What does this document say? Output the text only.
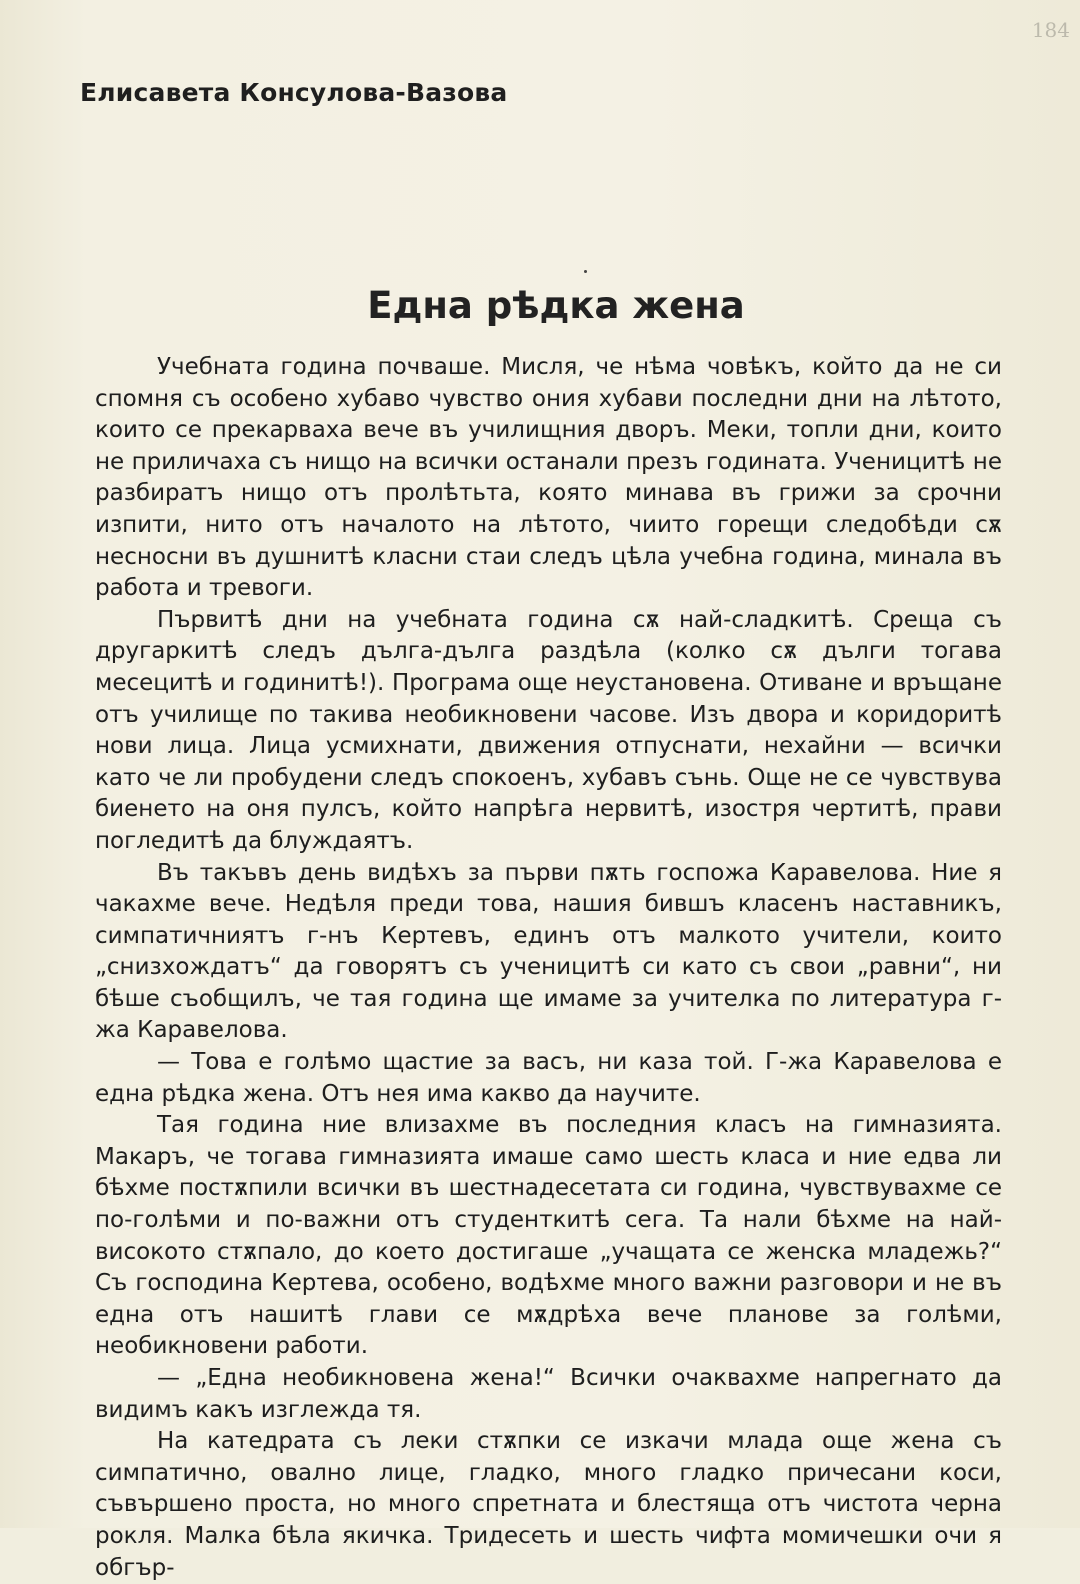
184
Елисавета Консулова-Вазова
Една рѣдка жена

Учебната година почваше. Мисля, че нѣма човѣкъ, който да не си спомня съ особено хубаво чувство ония хубави последни дни на лѣтото, които се прекарваха вече въ училищния дворъ. Меки, топли дни, които не приличаха съ нищо на всички останали презъ годината. Ученицитѣ не разбиратъ нищо отъ пролѣтьта, която минава въ грижи за срочни изпити, нито отъ началото на лѣтото, чиито горещи следобѣди сѫ несносни въ душнитѣ класни стаи следъ цѣла учебна година, минала въ работа и тревоги.

Първитѣ дни на учебната година сѫ най-сладкитѣ. Среща съ другаркитѣ следъ дълга-дълга раздѣла (колко сѫ дълги тогава месецитѣ и годинитѣ!). Програма още неустановена. Отиване и връщане отъ училище по такива необикновени часове. Изъ двора и коридоритѣ нови лица. Лица усмихнати, движения отпуснати, нехайни — всички като че ли пробудени следъ спокоенъ, хубавъ сънь. Още не се чувствува биенето на оня пулсъ, който напрѣга нервитѣ, изостря чертитѣ, прави погледитѣ да блуждаятъ.

Въ такъвъ день видѣхъ за първи пѫть госпожа Каравелова. Ние я чакахме вече. Недѣля преди това, нашия бившъ класенъ наставникъ, симпатичниятъ г-нъ Кертевъ, единъ отъ малкото учители, които „снизхождатъ“ да говорятъ съ ученицитѣ си като съ свои „равни“, ни бѣше съобщилъ, че тая година ще имаме за учителка по литература г-жа Каравелова.

— Това е голѣмо щастие за васъ, ни каза той. Г-жа Каравелова е една рѣдка жена. Отъ нея има какво да научите.

Тая година ние влизахме въ последния класъ на гимназията. Макаръ, че тогава гимназията имаше само шесть класа и ние едва ли бѣхме постѫпили всички въ шестнадесетата си година, чувствувахме се по-голѣми и по-важни отъ студенткитѣ сега. Та нали бѣхме на най-високото стѫпало, до което достигаше „учащата се женска младежь?“ Съ господина Кертева, особено, водѣхме много важни разговори и не въ една отъ нашитѣ глави се мѫдрѣха вече планове за голѣми, необикновени работи.

— „Една необикновена жена!“ Всички очаквахме напрегнато да видимъ какъ изглежда тя.

На катедрата съ леки стѫпки се изкачи млада още жена съ симпатично, овално лице, гладко, много гладко причесани коси, съвършено проста, но много спретната и блестяща отъ чистота черна рокля. Малка бѣла якичка. Тридесеть и шесть чифта момичешки очи я обгър-
